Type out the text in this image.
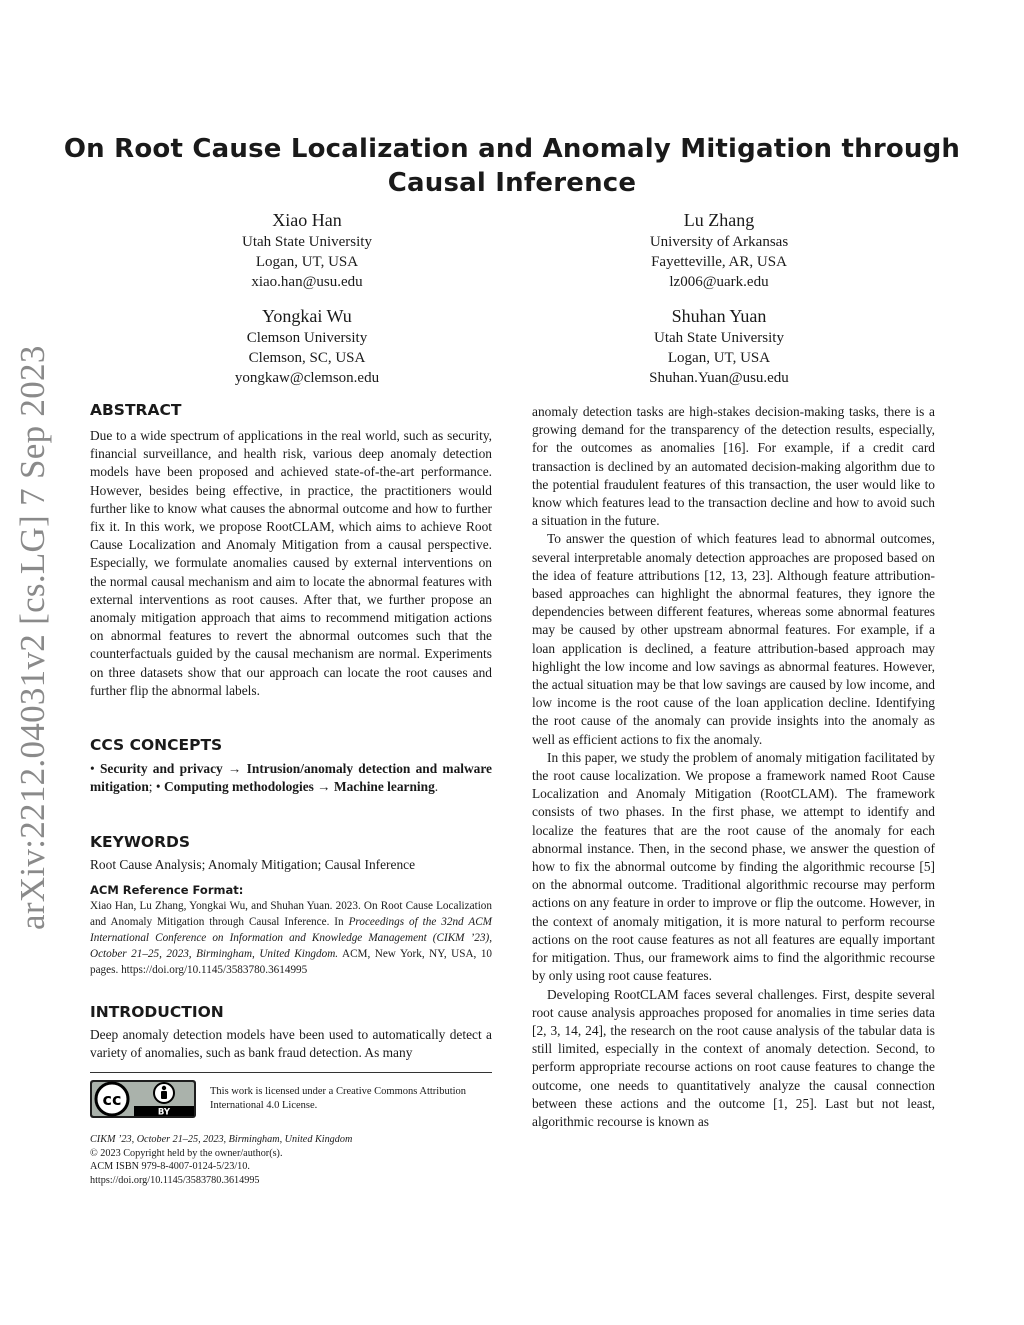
arXiv:2212.04031v2 [cs.LG] 7 Sep 2023
On Root Cause Localization and Anomaly Mitigation through Causal Inference
Xiao Han
Utah State University
Logan, UT, USA
xiao.han@usu.edu
Lu Zhang
University of Arkansas
Fayetteville, AR, USA
lz006@uark.edu
Yongkai Wu
Clemson University
Clemson, SC, USA
yongkaw@clemson.edu
Shuhan Yuan
Utah State University
Logan, UT, USA
Shuhan.Yuan@usu.edu
ABSTRACT
Due to a wide spectrum of applications in the real world, such as security, financial surveillance, and health risk, various deep anomaly detection models have been proposed and achieved state-of-the-art performance. However, besides being effective, in practice, the practitioners would further like to know what causes the abnormal outcome and how to further fix it. In this work, we propose RootCLAM, which aims to achieve Root Cause Localization and Anomaly Mitigation from a causal perspective. Especially, we formulate anomalies caused by external interventions on the normal causal mechanism and aim to locate the abnormal features with external interventions as root causes. After that, we further propose an anomaly mitigation approach that aims to recommend mitigation actions on abnormal features to revert the abnormal outcomes such that the counterfactuals guided by the causal mechanism are normal. Experiments on three datasets show that our approach can locate the root causes and further flip the abnormal labels.
CCS CONCEPTS
• Security and privacy → Intrusion/anomaly detection and malware mitigation; • Computing methodologies → Machine learning.
KEYWORDS
Root Cause Analysis; Anomaly Mitigation; Causal Inference
ACM Reference Format:
Xiao Han, Lu Zhang, Yongkai Wu, and Shuhan Yuan. 2023. On Root Cause Localization and Anomaly Mitigation through Causal Inference. In Proceedings of the 32nd ACM International Conference on Information and Knowledge Management (CIKM ’23), October 21–25, 2023, Birmingham, United Kingdom. ACM, New York, NY, USA, 10 pages. https://doi.org/10.1145/3583780.3614995
INTRODUCTION
Deep anomaly detection models have been used to automatically detect a variety of anomalies, such as bank fraud detection. As many
cc
BY
This work is licensed under a Creative Commons Attribution International 4.0 License.
CIKM ’23, October 21–25, 2023, Birmingham, United Kingdom
© 2023 Copyright held by the owner/author(s).
ACM ISBN 979-8-4007-0124-5/23/10.
https://doi.org/10.1145/3583780.3614995

anomaly detection tasks are high-stakes decision-making tasks, there is a growing demand for the transparency of the detection results, especially, for the outcomes as anomalies [16]. For example, if a credit card transaction is declined by an automated decision-making algorithm due to the potential fraudulent features of this transaction, the user would like to know which features lead to the transaction decline and how to avoid such a situation in the future.

To answer the question of which features lead to abnormal outcomes, several interpretable anomaly detection approaches are proposed based on the idea of feature attributions [12, 13, 23]. Although feature attribution-based approaches can highlight the abnormal features, they ignore the dependencies between different features, whereas some abnormal features may be caused by other upstream abnormal features. For example, if a loan application is declined, a feature attribution-based approach may highlight the low income and low savings as abnormal features. However, the actual situation may be that low savings are caused by low income, and low income is the root cause of the loan application decline. Identifying the root cause of the anomaly can provide insights into the anomaly as well as efficient actions to fix the anomaly.

In this paper, we study the problem of anomaly mitigation facilitated by the root cause localization. We propose a framework named Root Cause Localization and Anomaly Mitigation (RootCLAM). The framework consists of two phases. In the first phase, we attempt to identify and localize the features that are the root cause of the anomaly for each abnormal instance. Then, in the second phase, we answer the question of how to fix the abnormal outcome by finding the algorithmic recourse [5] on the abnormal outcome. Traditional algorithmic recourse may perform actions on any feature in order to improve or flip the outcome. However, in the context of anomaly mitigation, it is more natural to perform recourse actions on the root cause features as not all features are equally important for mitigation. Thus, our framework aims to find the algorithmic recourse by only using root cause features.

Developing RootCLAM faces several challenges. First, despite several root cause analysis approaches proposed for anomalies in time series data [2, 3, 14, 24], the research on the root cause analysis of the tabular data is still limited, especially in the context of anomaly detection. Second, to perform appropriate recourse actions on root cause features to change the outcome, one needs to quantitatively analyze the causal connection between these actions and the outcome [1, 25]. Last but not least, algorithmic recourse is known as
